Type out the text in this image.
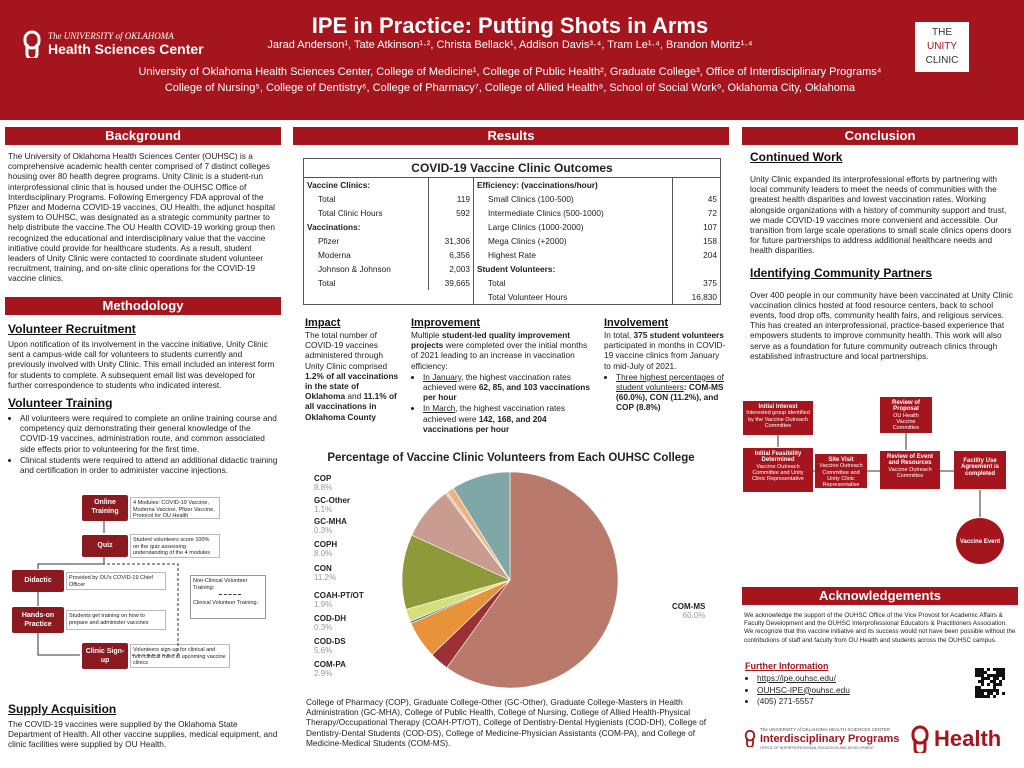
The UNIVERSITY of OKLAHOMA
Health Sciences Center
IPE in Practice: Putting Shots in Arms
Jarad Anderson¹, Tate Atkinson¹·², Christa Bellack¹, Addison Davis³·⁴, Tram Le¹·⁴, Brandon Moritz¹·⁴
University of Oklahoma Health Sciences Center, College of Medicine¹, College of Public Health², Graduate College³, Office of Interdisciplinary Programs⁴
College of Nursing⁵, College of Dentistry⁶, College of Pharmacy⁷, College of Allied Health⁸, School of Social Work⁹, Oklahoma City, Oklahoma
THE
UNITY
CLINIC
Background
The University of Oklahoma Health Sciences Center (OUHSC) is a comprehensive academic health center comprised of 7 distinct colleges housing over 80 health degree programs. Unity Clinic is a student-run interprofessional clinic that is housed under the OUHSC Office of Interdisciplinary Programs. Following Emergency FDA approval of the Pfizer and Moderna COVID-19 vaccines, OU Health, the adjunct hospital system to OUHSC, was designated as a strategic community partner to help distribute the vaccine.The OU Health COVID-19 working group then recognized the educational and interdisciplinary value that the vaccine initiative could provide for healthcare students. As a result, student leaders of Unity Clinic were contacted to coordinate student volunteer recruitment, training, and on-site clinic operations for the COVID-19 vaccine clinics.
Methodology
Volunteer Recruitment
Upon notification of its involvement in the vaccine initiative, Unity Clinic sent a campus-wide call for volunteers to students currently and previously involved with Unity Clinic. This email included an interest form for students to complete. A subsequent email list was developed for further correspondence to students who indicated interest.
Volunteer Training
• All volunteers were required to complete an online training course and competency quiz demonstrating their general knowledge of the COVID-19 vaccines, administration route, and common associated side effects prior to volunteering for the first time.
• Clinical students were required to attend an additional didactic training and certification in order to administer vaccine injections.
Online Training
4 Modules: COVID-19 Vaccine, Moderna Vaccine, Pfizer Vaccine, Protocol for OU Health
Quiz
Student volunteers score 100% on the quiz assessing understanding of the 4 modules
Didactic	Provided by OU's COVID-19 Chief Officer
Non-Clinical Volunteer Training:
Clinical Volunteer Training:
Hands-on Practice
Students get training on how to prepare and administer vaccines
Clinic Sign-up
Volunteers sign-up for clinical and non-clinical roles at upcoming vaccine clinics
Supply Acquisition
The COVID-19 vaccines were supplied by the Oklahoma State Department of Health. All other vaccine supplies, medical equipment, and clinic facilities were supplied by OU Health.
Results
COVID-19 Vaccine Clinic Outcomes
Vaccine Clinics:	
Total	119
Total Clinic Hours	592
Vaccinations:	
Pfizer	31,306
Moderna	6,356
Johnson & Johnson	2,003
Total	39,665
Efficiency: (vaccinations/hour)	
Small Clinics (100-500)	45
Intermediate Clinics (500-1000)	72
Large Clinics (1000-2000)	107
Mega Clinics (+2000)	158
Highest Rate	204
Student Volunteers:	
Total	375
Total Volunteer Hours	16,830
Impact
The total number of COVID-19 vaccines administered through Unity Clinic comprised 1.2% of all vaccinations in the state of Oklahoma and 11.1% of all vaccinations in Oklahoma County
Improvement
Multiple student-led quality improvement projects were completed over the initial months of 2021 leading to an increase in vaccination efficiency:
• In January, the highest vaccination rates achieved were 62, 85, and 103 vaccinations per hour
• In March, the highest vaccination rates achieved were 142, 168, and 204 vaccinations per hour
Involvement
In total, 375 student volunteers participated in months in COVID-19 vaccine clinics from January to mid-July of 2021.
• Three highest percentages of student volunteers: COM-MS (60.0%), CON (11.2%), and COP (8.8%)
Percentage of Vaccine Clinic Volunteers from Each OUHSC College
COM-MS
60.0%
COM-PA
2.9%
COD-DS
5.6%
COD-DH
0.3%
COAH-PT/OT
1.9%
CON
11.2%
COPH
8.0%
GC-MHA
0.3%
GC-Other
1.1%
COP
8.8%
College of Pharmacy (COP), Graduate College-Other (GC-Other), Graduate College-Masters in Health Administration (GC-MHA), College of Public Health, College of Nursing, College of Allied Health-Physical Therapy/Occupational Therapy (COAH-PT/OT), College of Dentistry-Dental Hygienists (COD-DH), College of Dentistry-Dental Students (COD-DS), College of Medicine-Physician Assistants (COM-PA), and College of Medicine-Medical Students (COM-MS).
Conclusion
Continued Work
Unity Clinic expanded its interprofessional efforts by partnering with local community leaders to meet the needs of communities with the greatest health disparities and lowest vaccination rates. Working alongside organizations with a history of community support and trust, we made COVID-19 vaccines more convenient and accessible. Our transition from large scale operations to small scale clinics opens doors for future partnerships to address additional healthcare needs and health disparities.
Identifying Community Partners
Over 400 people in our community have been vaccinated at Unity Clinic vaccination clinics hosted at food resource centers, back to school events, food drop offs, community health fairs, and religious services. This has created an interprofessional, practice-based experience that empowers students to improve community health. This work will also serve as a foundation for future community outreach clinics through established infrastructure and local partnerships.
Initial Interest
Interested group identified by the Vaccine Outreach Committee
Initial Feasibility Determined
Vaccine Outreach Committee and Unity Clinic Representative
Site Visit
Vaccine Outreach Committee and Unity Clinic Representative
Review of Proposal
OU Health Vaccine Committee
Review of Event and Resources
Vaccine Outreach Committee
Facility Use Agreement is completed
Vaccine Event
Acknowledgements
We acknowledge the support of the OUHSC Office of the Vice Provost for Academic Affairs & Faculty Development and the OUHSC Interprofessional Educators & Practitioners Association. We recognize that this vaccine initiative and its success would not have been possible without the contributions of staff and faculty from OU Health and students across the OUHSC campus.
Further Information
• https://ipe.ouhsc.edu/
• OUHSC-IPE@ouhsc.edu
• (405) 271-5557
The UNIVERSITY of OKLAHOMA HEALTH SCIENCES CENTER
Interdisciplinary Programs
OFFICE OF INTERPROFESSIONAL EDUCATION AND DEVELOPMENT	Health
